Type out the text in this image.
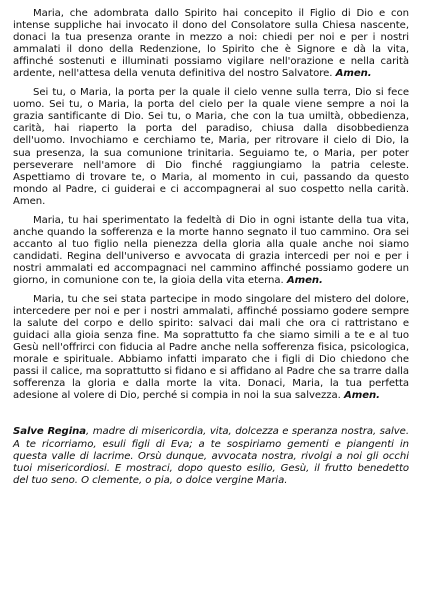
Maria, che adombrata dallo Spirito hai concepito il Figlio di Dio e con intense suppliche hai invocato il dono del Consolatore sulla Chiesa nascente, donaci la tua presenza orante in mezzo a noi: chiedi per noi e per i nostri ammalati il dono della Redenzione, lo Spirito che è Signore e dà la vita, affinché sostenuti e illuminati possiamo vigilare nell'orazione e nella carità ardente, nell'attesa della venuta definitiva del nostro Salvatore. Amen.

Sei tu, o Maria, la porta per la quale il cielo venne sulla terra, Dio si fece uomo. Sei tu, o Maria, la porta del cielo per la quale viene sempre a noi la grazia santificante di Dio. Sei tu, o Maria, che con la tua umiltà, obbedienza, carità, hai riaperto la porta del paradiso, chiusa dalla disobbedienza dell'uomo. Invochiamo e cerchiamo te, Maria, per ritrovare il cielo di Dio, la sua presenza, la sua comunione trinitaria. Seguiamo te, o Maria, per poter perseverare nell'amore di Dio finché raggiungiamo la patria celeste. Aspettiamo di trovare te, o Maria, al momento in cui, passando da questo mondo al Padre, ci guiderai e ci accompagnerai al suo cospetto nella carità. Amen.

Maria, tu hai sperimentato la fedeltà di Dio in ogni istante della tua vita, anche quando la sofferenza e la morte hanno segnato il tuo cammino. Ora sei accanto al tuo figlio nella pienezza della gloria alla quale anche noi siamo candidati. Regina dell'universo e avvocata di grazia intercedi per noi e per i nostri ammalati ed accompagnaci nel cammino affinché possiamo godere un giorno, in comunione con te, la gioia della vita eterna. Amen.

Maria, tu che sei stata partecipe in modo singolare del mistero del dolore, intercedere per noi e per i nostri ammalati, affinché possiamo godere sempre la salute del corpo e dello spirito: salvaci dai mali che ora ci rattristano e guidaci alla gioia senza fine. Ma soprattutto fa che siamo simili a te e al tuo Gesù nell'offrirci con fiducia al Padre anche nella sofferenza fisica, psicologica, morale e spirituale. Abbiamo infatti imparato che i figli di Dio chiedono che passi il calice, ma soprattutto si fidano e si affidano al Padre che sa trarre dalla sofferenza la gloria e dalla morte la vita. Donaci, Maria, la tua perfetta adesione al volere di Dio, perché si compia in noi la sua salvezza. Amen.

Salve Regina, madre di misericordia, vita, dolcezza e speranza nostra, salve. A te ricorriamo, esuli figli di Eva; a te sospiriamo gementi e piangenti in questa valle di lacrime. Orsù dunque, avvocata nostra, rivolgi a noi gli occhi tuoi misericordiosi. E mostraci, dopo questo esilio, Gesù, il frutto benedetto del tuo seno. O clemente, o pia, o dolce vergine Maria.
